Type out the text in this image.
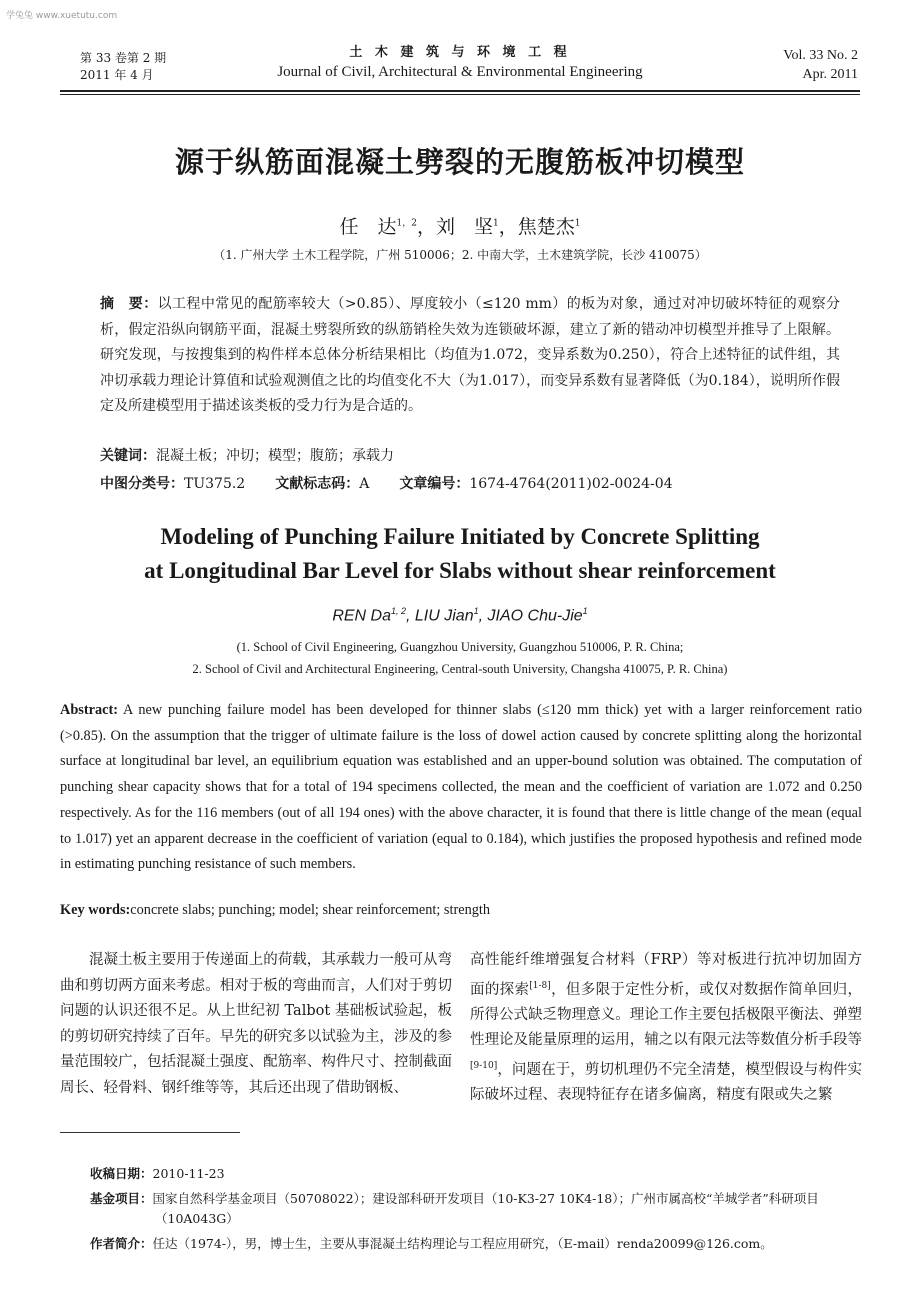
学兔兔 www.xuetutu.com
第 33 卷第 2 期
2011 年 4 月
土 木 建 筑 与 环 境 工 程
Journal of Civil, Architectural & Environmental Engineering
Vol. 33 No. 2
Apr. 2011
源于纵筋面混凝土劈裂的无腹筋板冲切模型
任　达$^{1,2}$，刘　坚$^1$，焦楚杰$^1$
（1. 广州大学 土木工程学院，广州 510006；2. 中南大学，土木建筑学院，长沙 410075）
摘　要：以工程中常见的配筋率较大（>0.85）、厚度较小（≤120 mm）的板为对象，通过对冲切破坏特征的观察分析，假定沿纵向钢筋平面，混凝土劈裂所致的纵筋销栓失效为连锁破坏源，建立了新的错动冲切模型并推导了上限解。研究发现，与按搜集到的构件样本总体分析结果相比（均值为1.072，变异系数为0.250），符合上述特征的试件组，其冲切承载力理论计算值和试验观测值之比的均值变化不大（为1.017），而变异系数有显著降低（为0.184），说明所作假定及所建模型用于描述该类板的受力行为是合适的。
关键词：混凝土板；冲切；模型；腹筋；承载力
中图分类号：TU375.2 文献标志码：A 文章编号：1674-4764(2011)02-0024-04
Modeling of Punching Failure Initiated by Concrete Splitting
at Longitudinal Bar Level for Slabs without shear reinforcement
REN Da$^{1, 2}$, LIU Jian$^1$, JIAO Chu-Jie$^1$
(1. School of Civil Engineering, Guangzhou University, Guangzhou 510006, P. R. China;
2. School of Civil and Architectural Engineering, Central-south University, Changsha 410075, P. R. China)
Abstract: A new punching failure model has been developed for thinner slabs (≤120 mm thick) yet with a larger reinforcement ratio (>0.85). On the assumption that the trigger of ultimate failure is the loss of dowel action caused by concrete splitting along the horizontal surface at longitudinal bar level, an equilibrium equation was established and an upper-bound solution was obtained. The computation of punching shear capacity shows that for a total of 194 specimens collected, the mean and the coefficient of variation are 1.072 and 0.250 respectively. As for the 116 members (out of all 194 ones) with the above character, it is found that there is little change of the mean (equal to 1.017) yet an apparent decrease in the coefficient of variation (equal to 0.184), which justifies the proposed hypothesis and refined mode in estimating punching resistance of such members.
Key words:concrete slabs; punching; model; shear reinforcement; strength
混凝土板主要用于传递面上的荷载，其承载力一般可从弯曲和剪切两方面来考虑。相对于板的弯曲而言，人们对于剪切问题的认识还很不足。从上世纪初 Talbot 基础板试验起，板的剪切研究持续了百年。早先的研究多以试验为主，涉及的参量范围较广，包括混凝土强度、配筋率、构件尺寸、控制截面周长、轻骨料、钢纤维等等，其后还出现了借助钢板、
高性能纤维增强复合材料（FRP）等对板进行抗冲切加固方面的探索[1-8]，但多限于定性分析，或仅对数据作简单回归，所得公式缺乏物理意义。理论工作主要包括极限平衡法、弹塑性理论及能量原理的运用，辅之以有限元法等数值分析手段等[9-10]，问题在于，剪切机理仍不完全清楚，模型假设与构件实际破坏过程、表现特征存在诸多偏离，精度有限或失之繁

收稿日期：2010-11-23

基金项目：国家自然科学基金项目（50708022）；建设部科研开发项目（10-K3-27 10K4-18）；广州市属高校“羊城学者”科研项目（10A043G）

作者简介：任达（1974-），男，博士生，主要从事混凝土结构理论与工程应用研究，（E-mail）renda20099@126.com。
